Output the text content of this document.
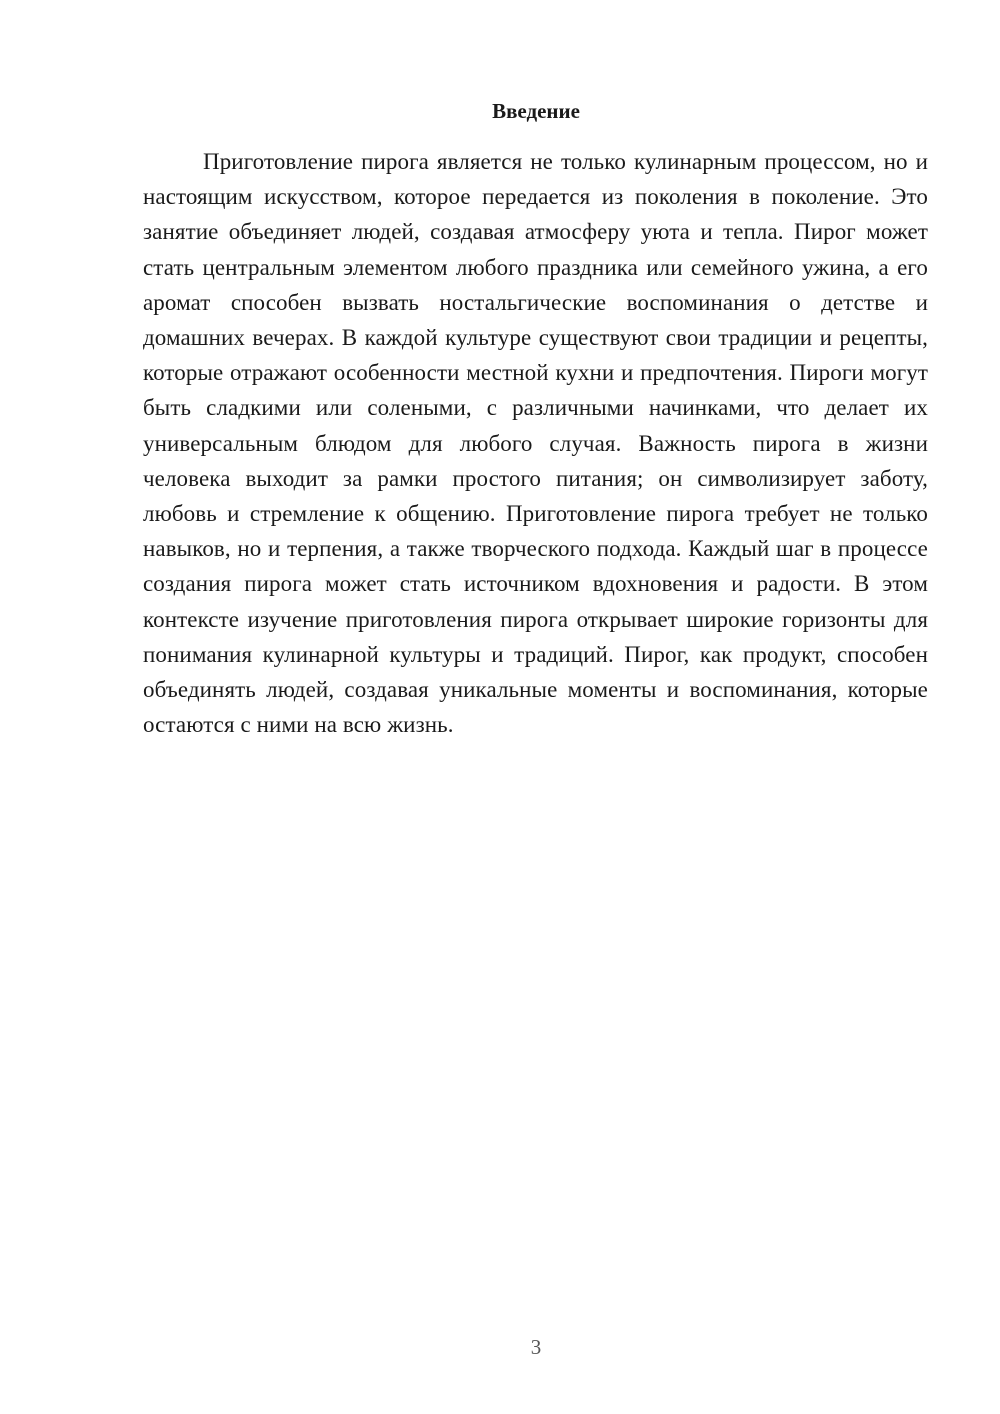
Введение

Приготовление пирога является не только кулинарным процессом, но и настоящим искусством, которое передается из поколения в поколение. Это занятие объединяет людей, создавая атмосферу уюта и тепла. Пирог может стать центральным элементом любого праздника или семейного ужина, а его аромат способен вызвать ностальгические воспоминания о детстве и домашних вечерах. В каждой культуре существуют свои традиции и рецепты, которые отражают особенности местной кухни и предпочтения. Пироги могут быть сладкими или солеными, с различными начинками, что делает их универсальным блюдом для любого случая. Важность пирога в жизни человека выходит за рамки простого питания; он символизирует заботу, любовь и стремление к общению. Приготовление пирога требует не только навыков, но и терпения, а также творческого подхода. Каждый шаг в процессе создания пирога может стать источником вдохновения и радости. В этом контексте изучение приготовления пирога открывает широкие горизонты для понимания кулинарной культуры и традиций. Пирог, как продукт, способен объединять людей, создавая уникальные моменты и воспоминания, которые остаются с ними на всю жизнь.

3
